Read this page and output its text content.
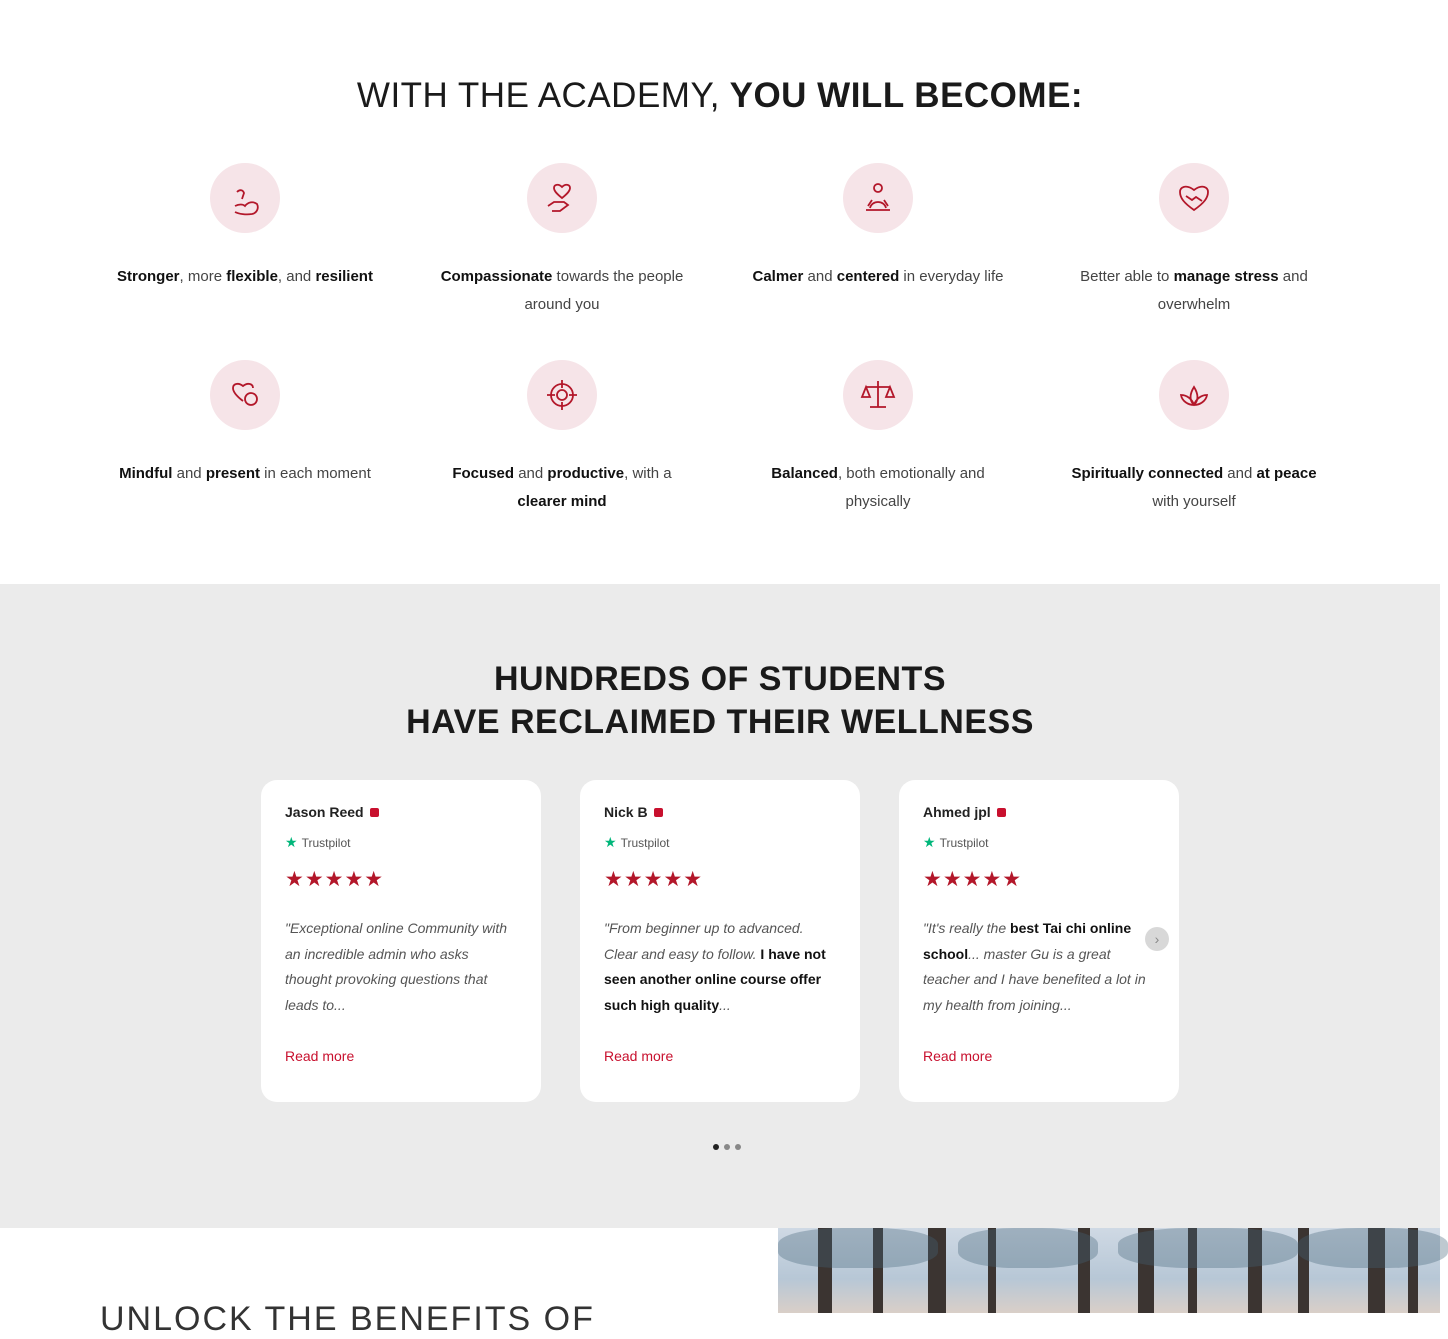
WITH THE ACADEMY, YOU WILL BECOME:
Stronger, more flexible, and resilient	Compassionate towards the people around you
Calmer and centered in everyday life	Better able to manage stress and overwhelm
Mindful and present in each moment	Focused and productive, with a clearer mind
Balanced, both emotionally and physically
Spiritually connected and at peace with yourself
HUNDREDS OF STUDENTS
HAVE RECLAIMED THEIR WELLNESS
Jason Reed
★ Trustpilot
★★★★★
"Exceptional online Community with an incredible admin who asks thought provoking questions that leads to...
Read more
Nick B
★ Trustpilot
★★★★★
"From beginner up to advanced. Clear and easy to follow. I have not seen another online course offer such high quality...
Read more
Ahmed jpl
★ Trustpilot
★★★★★
"It's really the best Tai chi online school... master Gu is a great teacher and I have benefited a lot in my health from joining...
Read more
›
UNLOCK THE BENEFITS OF
